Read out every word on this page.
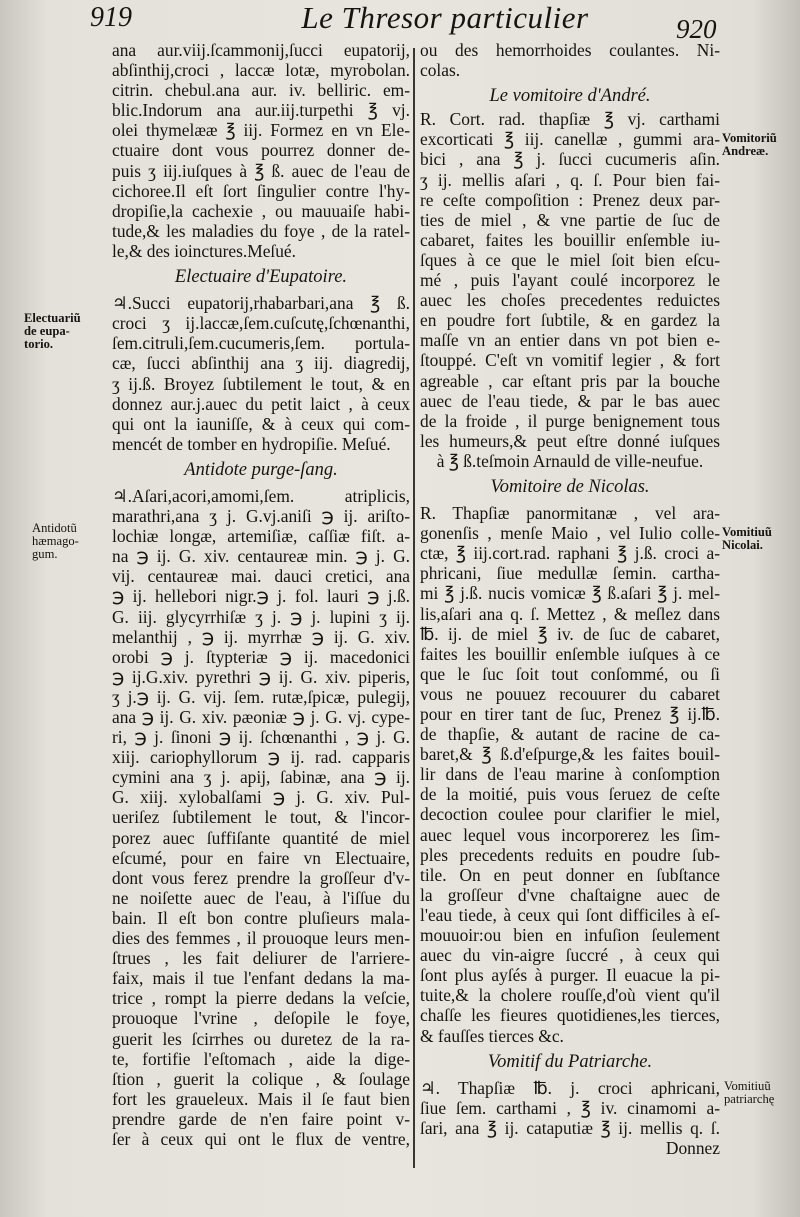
919	Le Thresor particulier	920
ana aur.viij.ſcammonij,ſucci eupatorij,
abſinthij,croci , laccæ lotæ, myrobolan.
citrin. chebul.ana aur. iv. belliric. em-
blic.Indorum ana aur.iij.turpethi ℥ vj.
olei thymelææ ℥ iij. Formez en vn Ele-
ctuaire dont vous pourrez donner de-
puis ʒ iij.iuſques à ℥ ß. auec de l'eau de
cichoree.Il eſt ſort ſingulier contre l'hy-
dropiſie,la cachexie , ou mauuaiſe habi-
tude,& les maladies du foye , de la ratel-
le,& des ioinctures.Meſué.
Electuaire d'Eupatoire.
♃.Succi eupatorij,rhabarbari,ana ℥ ß.
croci ʒ ij.laccæ,ſem.cuſcutę,ſchœnanthi,
ſem.citruli,ſem.cucumeris,ſem. portula-
cæ, ſucci abſinthij ana ʒ iij. diagredij,
ʒ ij.ß. Broyez ſubtilement le tout, & en
donnez aur.j.auec du petit laict , à ceux
qui ont la iauniſſe, & à ceux qui com-
mencét de tomber en hydropiſie. Meſué.
Antidote purge-ſang.
♃.Aſari,acori,amomi,ſem. atriplicis,
marathri,ana ʒ j. G.vj.aniſi ℈ ij. ariſto-
lochiæ longæ, artemiſiæ, caſſiæ fiſt. a-
na ℈ ij. G. xiv. centaureæ min. ℈ j. G.
vij. centaureæ mai. dauci cretici, ana
℈ ij. hellebori nigr.℈ j. fol. lauri ℈ j.ß.
G. iij. glycyrrhiſæ ʒ j. ℈ j. lupini ʒ ij.
melanthij , ℈ ij. myrrhæ ℈ ij. G. xiv.
orobi ℈ j. ſtypteriæ ℈ ij. macedonici
℈ ij.G.xiv. pyrethri ℈ ij. G. xiv. piperis,
ʒ j.℈ ij. G. vij. ſem. rutæ,ſpicæ, pulegij,
ana ℈ ij. G. xiv. pæoniæ ℈ j. G. vj. cype-
ri, ℈ j. ſinoni ℈ ij. ſchœnanthi , ℈ j. G.
xiij. cariophyllorum ℈ ij. rad. capparis
cymini ana ʒ j. apij, ſabinæ, ana ℈ ij.
G. xiij. xylobalſami ℈ j. G. xiv. Pul-
ueriſez ſubtilement le tout, & l'incor-
porez auec ſuffiſante quantité de miel
eſcumé, pour en faire vn Electuaire,
dont vous ferez prendre la groſſeur d'v-
ne noiſette auec de l'eau, à l'iſſue du
bain. Il eſt bon contre pluſieurs mala-
dies des femmes , il prouoque leurs men-
ſtrues , les fait deliurer de l'arriere-
faix, mais il tue l'enfant dedans la ma-
trice , rompt la pierre dedans la veſcie,
prouoque l'vrine , deſopile le foye,
guerit les ſcirrhes ou duretez de la ra-
te, fortifie l'eſtomach , aide la dige-
ſtion , guerit la colique , & ſoulage
fort les graueleux. Mais il ſe faut bien
prendre garde de n'en faire point v-
ſer à ceux qui ont le flux de ventre,
ou des hemorrhoides coulantes. Ni-
colas.
Le vomitoire d'André.
R. Cort. rad. thapſiæ ℥ vj. carthami
excorticati ℥ iij. canellæ , gummi ara-
bici , ana ℥ j. ſucci cucumeris aſin.
ʒ ij. mellis aſari , q. ſ. Pour bien fai-
re ceſte compoſition : Prenez deux par-
ties de miel , & vne partie de ſuc de
cabaret, faites les bouillir enſemble iu-
ſques à ce que le miel ſoit bien eſcu-
mé , puis l'ayant coulé incorporez le
auec les choſes precedentes reduictes
en poudre fort ſubtile, & en gardez la
maſſe vn an entier dans vn pot bien e-
ſtouppé. C'eſt vn vomitif legier , & fort
agreable , car eſtant pris par la bouche
auec de l'eau tiede, & par le bas auec
de la froide , il purge benignement tous
les humeurs,& peut eſtre donné iuſques
à ℥ ß.teſmoin Arnauld de ville-neufue.
Vomitoire de Nicolas.
R. Thapſiæ panormitanæ , vel ara-
gonenſis , menſe Maio , vel Iulio colle-
ctæ, ℥ iij.cort.rad. raphani ℥ j.ß. croci a-
phricani, ſiue medullæ ſemin. cartha-
mi ℥ j.ß. nucis vomicæ ℥ ß.aſari ℥ j. mel-
lis,aſari ana q. ſ. Mettez , & meſlez dans
℔. ij. de miel ℥ iv. de ſuc de cabaret,
faites les bouillir enſemble iuſques à ce
que le ſuc ſoit tout conſommé, ou ſi
vous ne pouuez recouurer du cabaret
pour en tirer tant de ſuc, Prenez ℥ ij.℔.
de thapſie, & autant de racine de ca-
baret,& ℥ ß.d'eſpurge,& les faites bouil-
lir dans de l'eau marine à conſomption
de la moitié, puis vous ſeruez de ceſte
decoction coulee pour clarifier le miel,
auec lequel vous incorporerez les ſim-
ples precedents reduits en poudre ſub-
tile. On en peut donner en ſubſtance
la groſſeur d'vne chaſtaigne auec de
l'eau tiede, à ceux qui ſont difficiles à eſ-
mouuoir:ou bien en infuſion ſeulement
auec du vin-aigre ſuccré , à ceux qui
ſont plus ayſés à purger. Il euacue la pi-
tuite,& la cholere rouſſe,d'où vient qu'il
chaſſe les fieures quotidienes,les tierces,
& fauſſes tierces &c.
Vomitif du Patriarche.
♃. Thapſiæ ℔. j. croci aphricani,
ſiue ſem. carthami , ℥ iv. cinamomi a-
ſari, ana ℥ ij. cataputiæ ℥ ij. mellis q. ſ.
Donnez
Electuariũ
de eupa-
torio.
Antidotũ
hæmago-
gum.
Vomitoriũ
Andreæ.
Vomitiuũ
Nicolai.
Vomitiuũ
patriarchę
